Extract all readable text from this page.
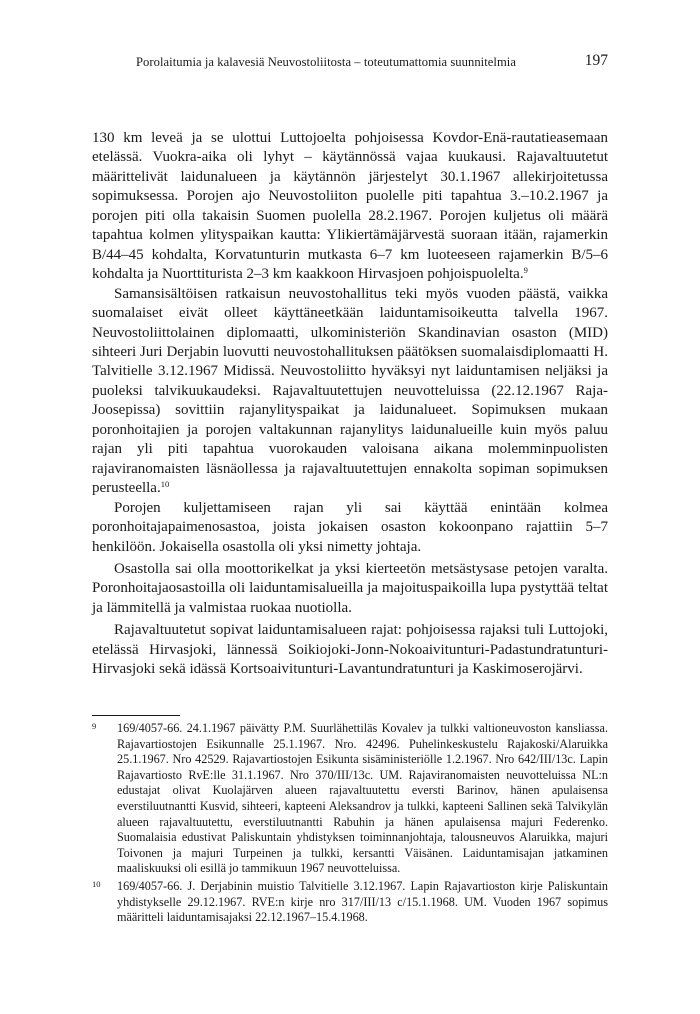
Porolaitumia ja kalavesiä Neuvostoliitosta – toteutumattomia suunnitelmia	197

130 km leveä ja se ulottui Luttojoelta pohjoisessa Kovdor-Enä-rautatieasemaan etelässä. Vuokra-aika oli lyhyt – käytännössä vajaa kuukausi. Rajavaltuutetut määrittelivät laidunalueen ja käytännön järjestelyt 30.1.1967 allekirjoitetussa sopimuksessa. Porojen ajo Neuvostoliiton puolelle piti tapahtua 3.–10.2.1967 ja porojen piti olla takaisin Suomen puolella 28.2.1967. Porojen kuljetus oli määrä tapahtua kolmen ylityspaikan kautta: Ylikiertämäjärvestä suoraan itään, rajamerkin B/44–45 kohdalta, Korvatunturin mutkasta 6–7 km luoteeseen rajamerkin B/5–6 kohdalta ja Nuorttiturista 2–3 km kaakkoon Hirvasjoen pohjoispuolelta.$^9$

Samansisältöisen ratkaisun neuvostohallitus teki myös vuoden päästä, vaikka suomalaiset eivät olleet käyttäneetkään laiduntamisoikeutta talvella 1967. Neuvostoliittolainen diplomaatti, ulkoministeriön Skandinavian osaston (MID) sihteeri Juri Derjabin luovutti neuvostohallituksen päätöksen suomalaisdiplomaatti H. Talvitielle 3.12.1967 Midissä. Neuvostoliitto hyväksyi nyt laiduntamisen neljäksi ja puoleksi talvikuukaudeksi. Rajavaltuutettujen neuvotteluissa (22.12.1967 Raja-Joosepissa) sovittiin rajanylityspaikat ja laidunalueet. Sopimuksen mukaan poronhoitajien ja porojen valtakunnan rajanylitys laidunalueille kuin myös paluu rajan yli piti tapahtua vuorokauden valoisana aikana molemminpuolisten rajaviranomaisten läsnäollessa ja rajavaltuutettujen ennakolta sopiman sopimuksen perusteella.$^{10}$

Porojen kuljettamiseen rajan yli sai käyttää enintään kolmea poronhoitajapaimenosastoa, joista jokaisen osaston kokoonpano rajattiin 5–7 henkilöön. Jokaisella osastolla oli yksi nimetty johtaja.

Osastolla sai olla moottorikelkat ja yksi kierteetön metsästysase petojen varalta. Poronhoitajaosastoilla oli laiduntamisalueilla ja majoituspaikoilla lupa pystyttää teltat ja lämmitellä ja valmistaa ruokaa nuotiolla.

Rajavaltuutetut sopivat laiduntamisalueen rajat: pohjoisessa rajaksi tuli Luttojoki, etelässä Hirvasjoki, lännessä Soikiojoki-Jonn-Nokoaivitunturi-Padastundratunturi-Hirvasjoki sekä idässä Kortsoaivitunturi-Lavantundratunturi ja Kaskimoserojärvi.

9 169/4057-66. 24.1.1967 päivätty P.M. Suurlähettiläs Kovalev ja tulkki valtioneuvoston kansliassa. Rajavartiostojen Esikunnalle 25.1.1967. Nro. 42496. Puhelinkeskustelu Rajakoski/Alaruikka 25.1.1967. Nro 42529. Rajavartiostojen Esikunta sisäministeriölle 1.2.1967. Nro 642/III/13c. Lapin Rajavartiosto RvE:lle 31.1.1967. Nro 370/III/13c. UM. Rajaviranomaisten neuvotteluissa NL:n edustajat olivat Kuolajärven alueen rajavaltuutettu eversti Barinov, hänen apulaisensa everstiluutnantti Kusvid, sihteeri, kapteeni Aleksandrov ja tulkki, kapteeni Sallinen sekä Talvikylän alueen rajavaltuutettu, everstiluutnantti Rabuhin ja hänen apulaisensa majuri Federenko. Suomalaisia edustivat Paliskuntain yhdistyksen toiminnanjohtaja, talousneuvos Alaruikka, majuri Toivonen ja majuri Turpeinen ja tulkki, kersantti Väisänen. Laiduntamisajan jatkaminen maaliskuuksi oli esillä jo tammikuun 1967 neuvotteluissa.
10 169/4057-66. J. Derjabinin muistio Talvitielle 3.12.1967. Lapin Rajavartioston kirje Paliskuntain yhdistykselle 29.12.1967. RVE:n kirje nro 317/III/13 c/15.1.1968. UM. Vuoden 1967 sopimus määritteli laiduntamisajaksi 22.12.1967–15.4.1968.
